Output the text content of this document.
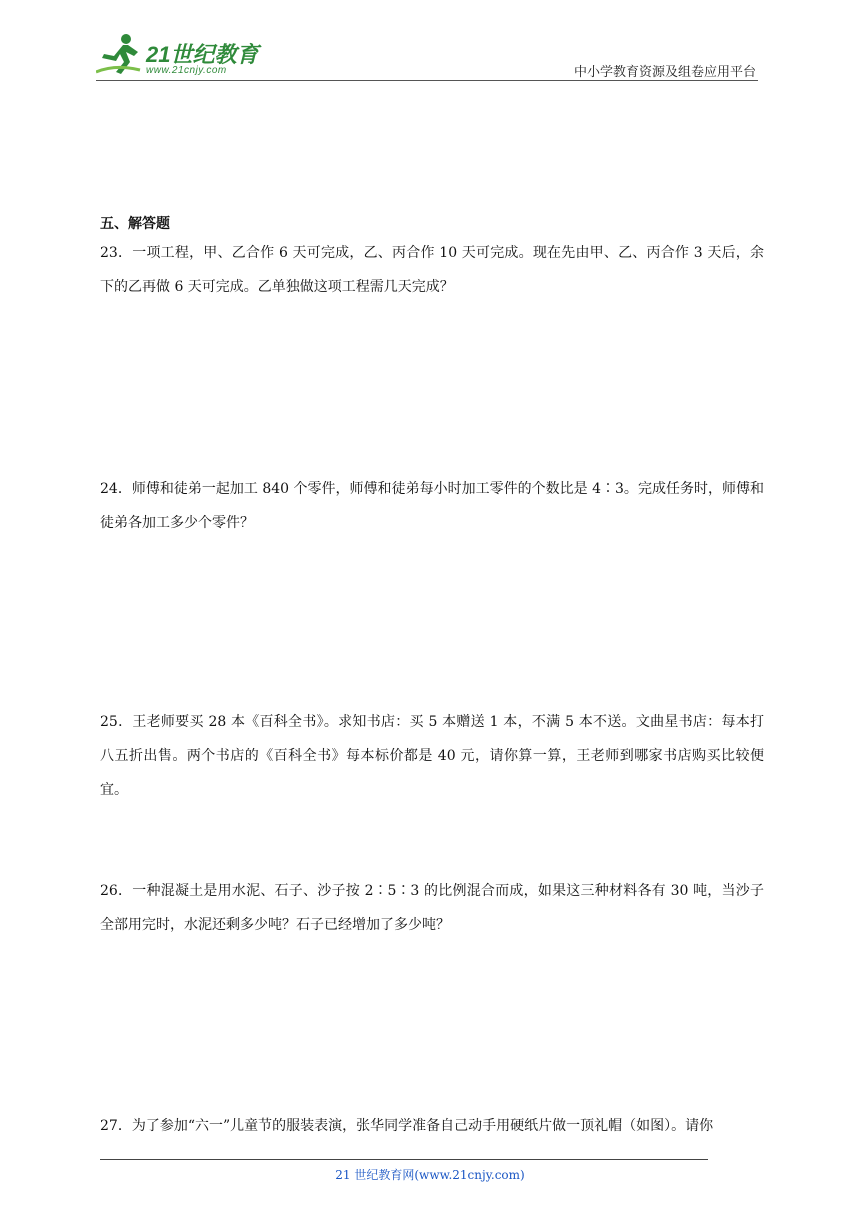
21世纪教育
www.21cnjy.com	中小学教育资源及组卷应用平台
五、解答题
23．一项工程，甲、乙合作 6 天可完成，乙、丙合作 10 天可完成。现在先由甲、乙、丙合作 3 天后，余下的乙再做 6 天可完成。乙单独做这项工程需几天完成？
24．师傅和徒弟一起加工 840 个零件，师傅和徒弟每小时加工零件的个数比是 4∶3。完成任务时，师傅和徒弟各加工多少个零件？
25．王老师要买 28 本《百科全书》。求知书店：买 5 本赠送 1 本，不满 5 本不送。文曲星书店：每本打八五折出售。两个书店的《百科全书》每本标价都是 40 元，请你算一算，王老师到哪家书店购买比较便宜。
26．一种混凝土是用水泥、石子、沙子按 2∶5∶3 的比例混合而成，如果这三种材料各有 30 吨，当沙子全部用完时，水泥还剩多少吨？石子已经增加了多少吨？
27．为了参加“六一”儿童节的服装表演，张华同学准备自己动手用硬纸片做一顶礼帽（如图）。请你
21 世纪教育网(www.21cnjy.com)
